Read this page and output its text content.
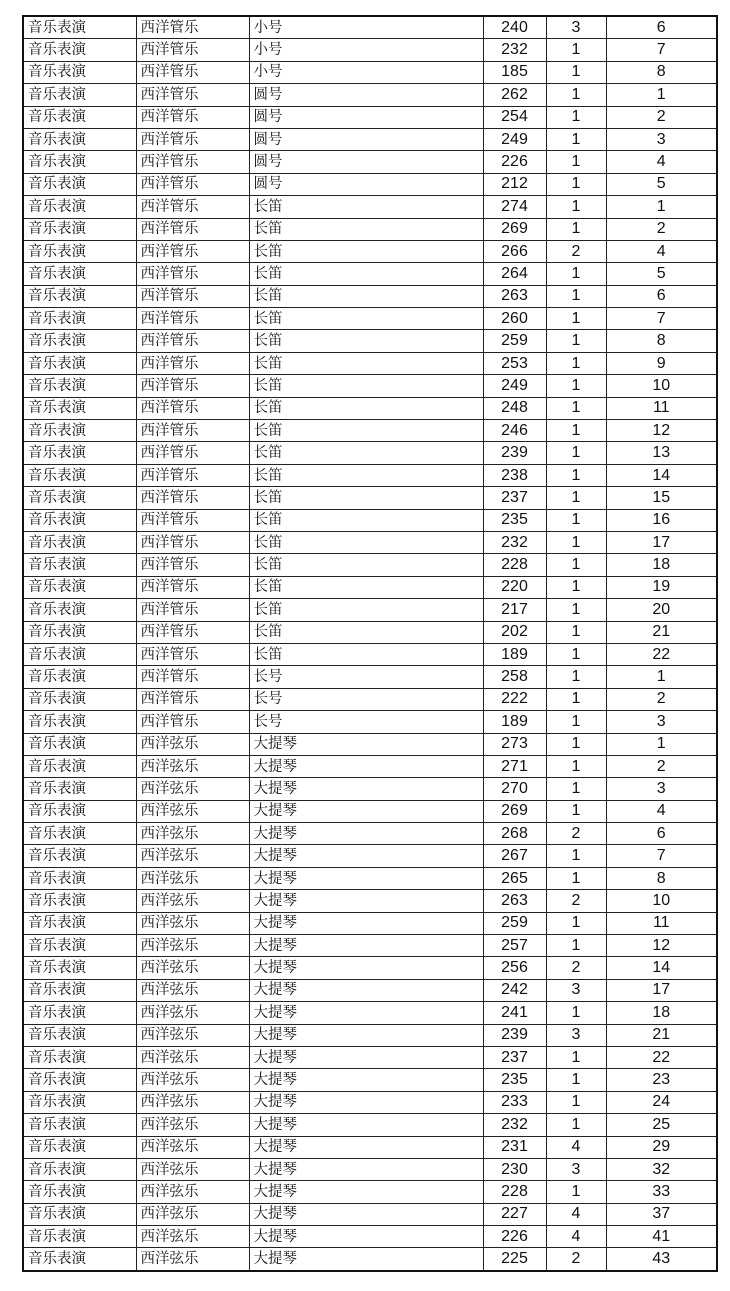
音乐表演	西洋管乐	小号	240	3	6
音乐表演	西洋管乐	小号	232	1	7
音乐表演	西洋管乐	小号	185	1	8
音乐表演	西洋管乐	圆号	262	1	1
音乐表演	西洋管乐	圆号	254	1	2
音乐表演	西洋管乐	圆号	249	1	3
音乐表演	西洋管乐	圆号	226	1	4
音乐表演	西洋管乐	圆号	212	1	5
音乐表演	西洋管乐	长笛	274	1	1
音乐表演	西洋管乐	长笛	269	1	2
音乐表演	西洋管乐	长笛	266	2	4
音乐表演	西洋管乐	长笛	264	1	5
音乐表演	西洋管乐	长笛	263	1	6
音乐表演	西洋管乐	长笛	260	1	7
音乐表演	西洋管乐	长笛	259	1	8
音乐表演	西洋管乐	长笛	253	1	9
音乐表演	西洋管乐	长笛	249	1	10
音乐表演	西洋管乐	长笛	248	1	11
音乐表演	西洋管乐	长笛	246	1	12
音乐表演	西洋管乐	长笛	239	1	13
音乐表演	西洋管乐	长笛	238	1	14
音乐表演	西洋管乐	长笛	237	1	15
音乐表演	西洋管乐	长笛	235	1	16
音乐表演	西洋管乐	长笛	232	1	17
音乐表演	西洋管乐	长笛	228	1	18
音乐表演	西洋管乐	长笛	220	1	19
音乐表演	西洋管乐	长笛	217	1	20
音乐表演	西洋管乐	长笛	202	1	21
音乐表演	西洋管乐	长笛	189	1	22
音乐表演	西洋管乐	长号	258	1	1
音乐表演	西洋管乐	长号	222	1	2
音乐表演	西洋管乐	长号	189	1	3
音乐表演	西洋弦乐	大提琴	273	1	1
音乐表演	西洋弦乐	大提琴	271	1	2
音乐表演	西洋弦乐	大提琴	270	1	3
音乐表演	西洋弦乐	大提琴	269	1	4
音乐表演	西洋弦乐	大提琴	268	2	6
音乐表演	西洋弦乐	大提琴	267	1	7
音乐表演	西洋弦乐	大提琴	265	1	8
音乐表演	西洋弦乐	大提琴	263	2	10
音乐表演	西洋弦乐	大提琴	259	1	11
音乐表演	西洋弦乐	大提琴	257	1	12
音乐表演	西洋弦乐	大提琴	256	2	14
音乐表演	西洋弦乐	大提琴	242	3	17
音乐表演	西洋弦乐	大提琴	241	1	18
音乐表演	西洋弦乐	大提琴	239	3	21
音乐表演	西洋弦乐	大提琴	237	1	22
音乐表演	西洋弦乐	大提琴	235	1	23
音乐表演	西洋弦乐	大提琴	233	1	24
音乐表演	西洋弦乐	大提琴	232	1	25
音乐表演	西洋弦乐	大提琴	231	4	29
音乐表演	西洋弦乐	大提琴	230	3	32
音乐表演	西洋弦乐	大提琴	228	1	33
音乐表演	西洋弦乐	大提琴	227	4	37
音乐表演	西洋弦乐	大提琴	226	4	41
音乐表演	西洋弦乐	大提琴	225	2	43
